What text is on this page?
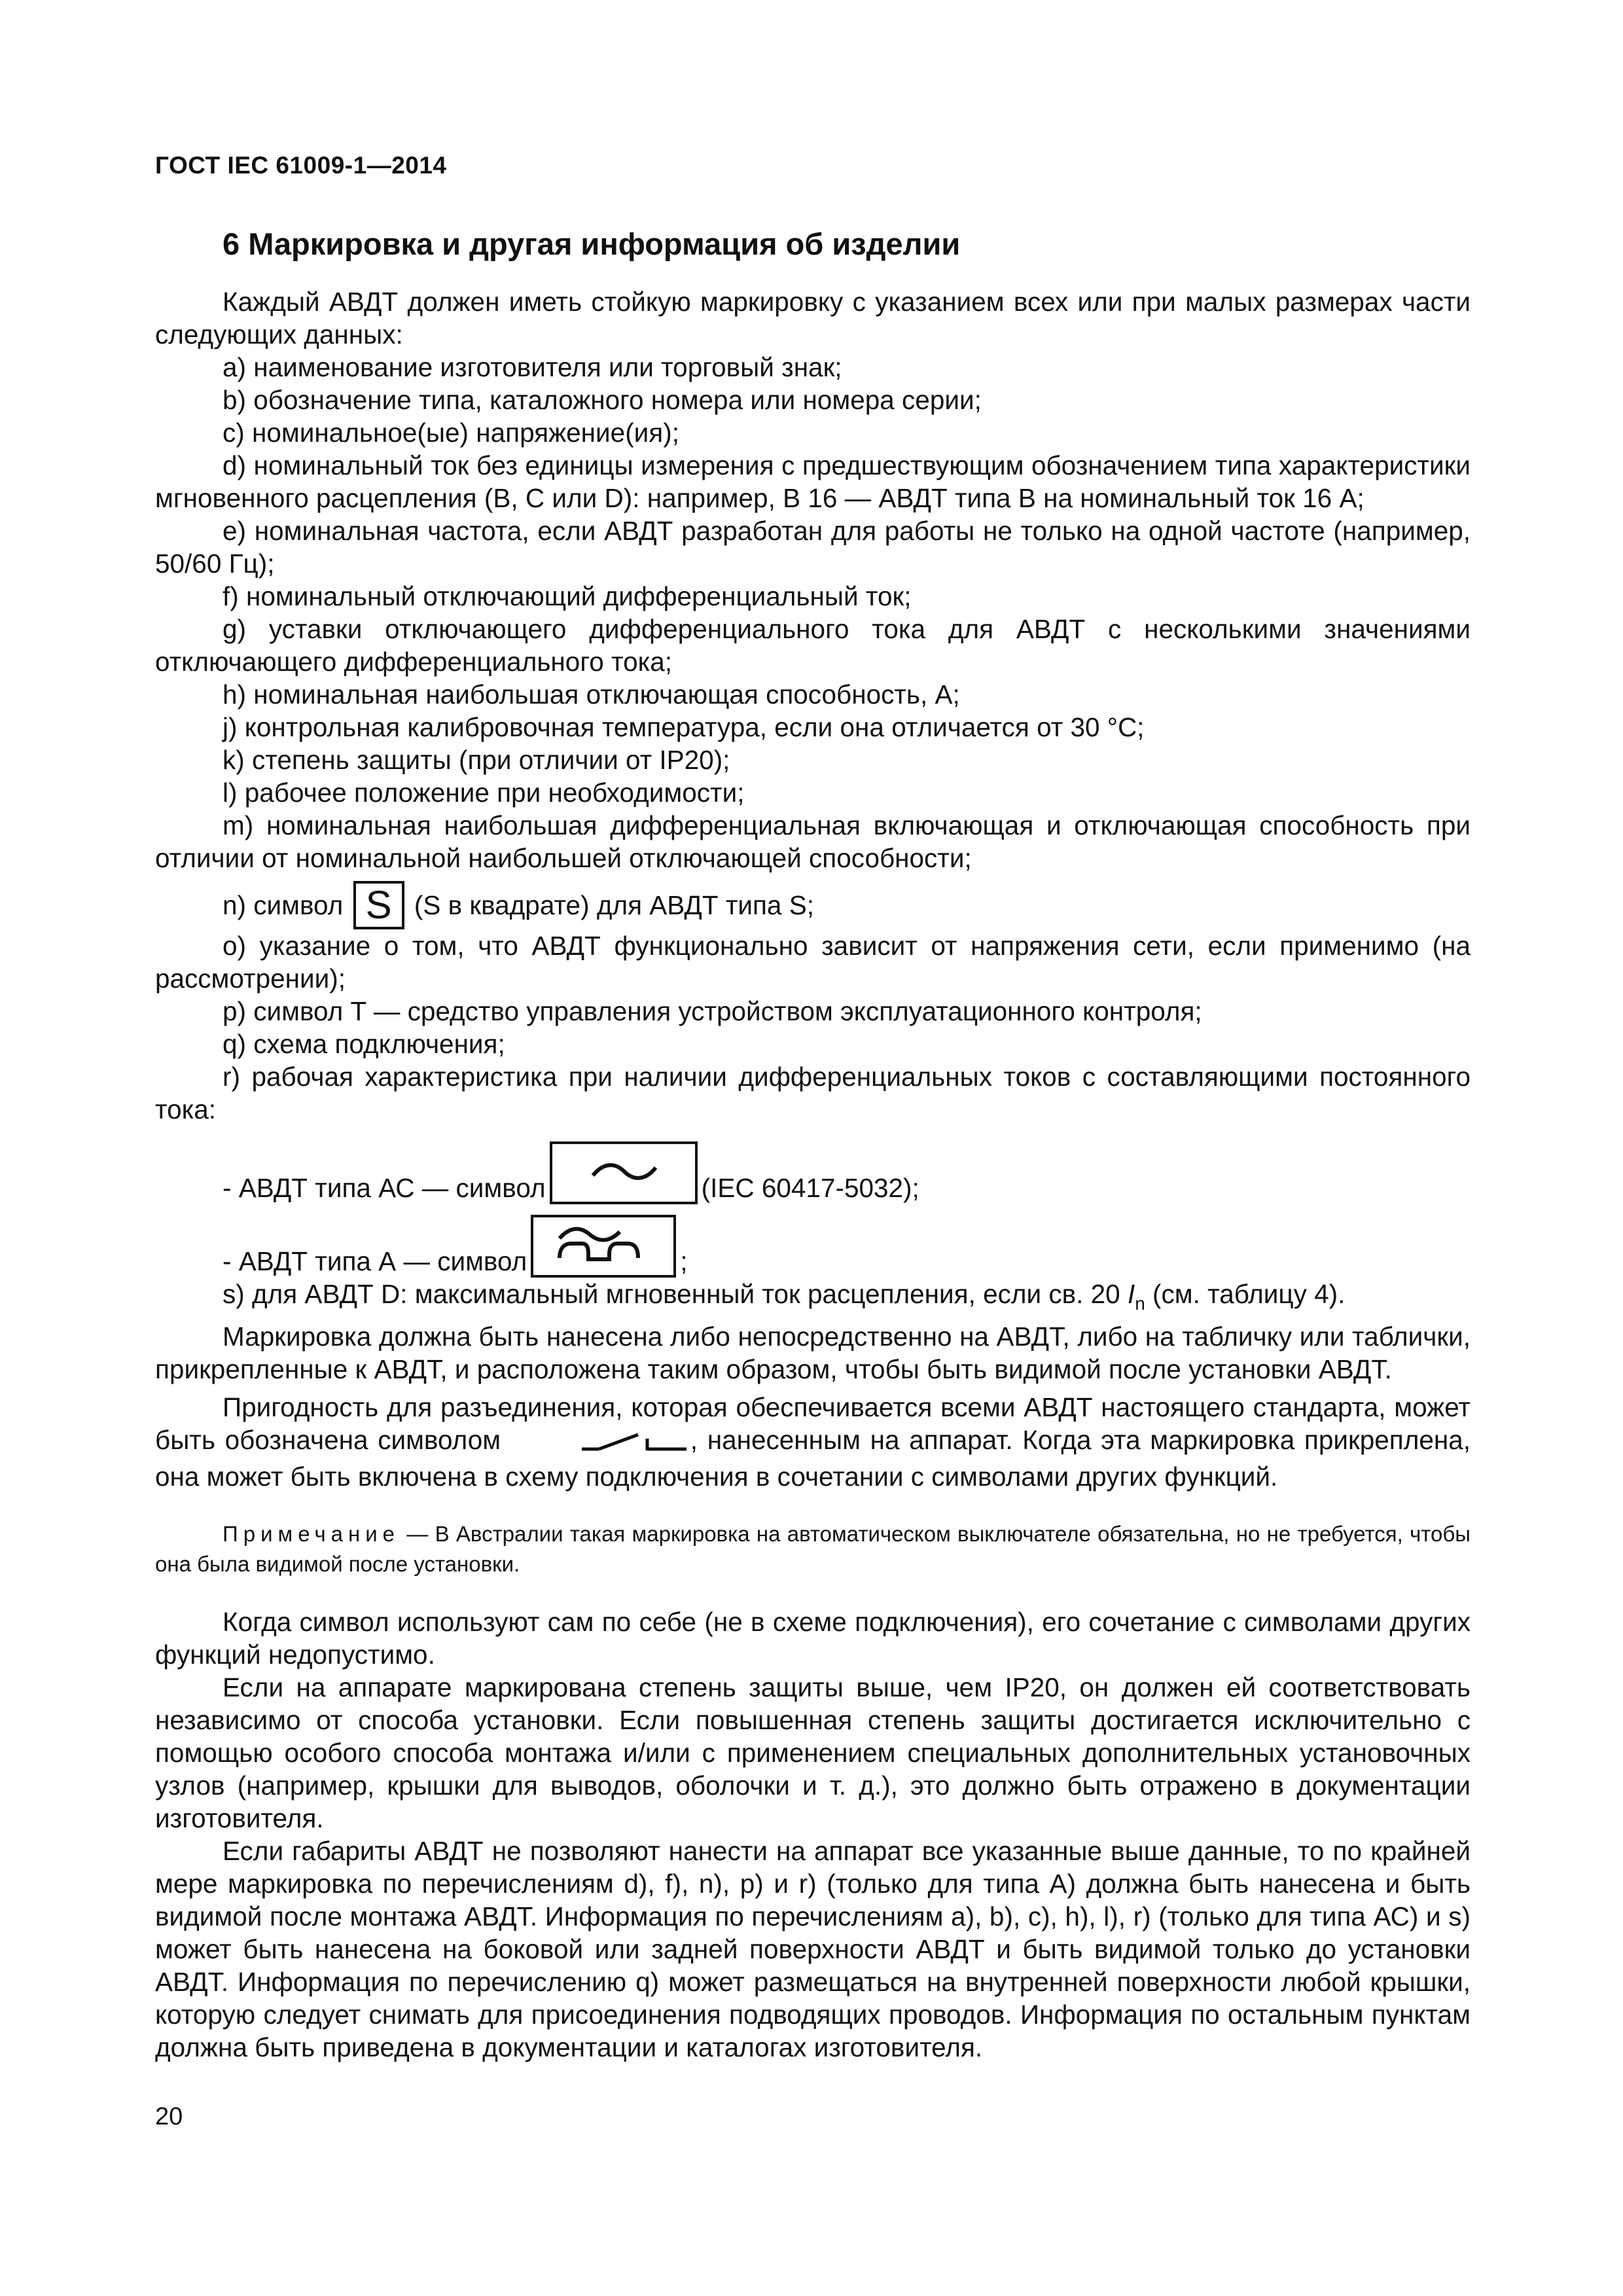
ГОСТ IEC 61009-1—2014
6 Маркировка и другая информация об изделии

Каждый АВДТ должен иметь стойкую маркировку с указанием всех или при малых размерах части следующих данных:

a) наименование изготовителя или торговый знак;

b) обозначение типа, каталожного номера или номера серии;

c) номинальное(ые) напряжение(ия);

d) номинальный ток без единицы измерения с предшествующим обозначением типа характеристики мгновенного расцепления (B, C или D): например, B 16 — АВДТ типа B на номинальный ток 16 А;

e) номинальная частота, если АВДТ разработан для работы не только на одной частоте (например, 50/60 Гц);

f) номинальный отключающий дифференциальный ток;

g) уставки отключающего дифференциального тока для АВДТ с несколькими значениями отключающего дифференциального тока;

h) номинальная наибольшая отключающая способность, А;

j) контрольная калибровочная температура, если она отличается от 30 °С;

k) степень защиты (при отличии от IP20);

l) рабочее положение при необходимости;

m) номинальная наибольшая дифференциальная включающая и отключающая способность при отличии от номинальной наибольшей отключающей способности;

n) символ S (S в квадрате) для АВДТ типа S;

o) указание о том, что АВДТ функционально зависит от напряжения сети, если применимо (на рассмотрении);

p) символ T — средство управления устройством эксплуатационного контроля;

q) схема подключения;

r) рабочая характеристика при наличии дифференциальных токов с составляющими постоянного тока:

- АВДТ типа АС — символ	(IEC 60417-5032);
- АВДТ типа А — символ	;

s) для АВДТ D: максимальный мгновенный ток расцепления, если св. 20 $I_n$ (см. таблицу 4).

Маркировка должна быть нанесена либо непосредственно на АВДТ, либо на табличку или таблички, прикрепленные к АВДТ, и расположена таким образом, чтобы быть видимой после установки АВДТ.

Пригодность для разъединения, которая обеспечивается всеми АВДТ настоящего стандарта, может быть обозначена символом	, нанесенным на аппарат. Когда эта маркировка прикреплена, она может быть включена в схему подключения в сочетании с символами других функций.

Примечание — В Австралии такая маркировка на автоматическом выключателе обязательна, но не требуется, чтобы она была видимой после установки.

Когда символ используют сам по себе (не в схеме подключения), его сочетание с символами других функций недопустимо.

Если на аппарате маркирована степень защиты выше, чем IP20, он должен ей соответствовать независимо от способа установки. Если повышенная степень защиты достигается исключительно с помощью особого способа монтажа и/или с применением специальных дополнительных установочных узлов (например, крышки для выводов, оболочки и т. д.), это должно быть отражено в документации изготовителя.

Если габариты АВДТ не позволяют нанести на аппарат все указанные выше данные, то по крайней мере маркировка по перечислениям d), f), n), p) и r) (только для типа А) должна быть нанесена и быть видимой после монтажа АВДТ. Информация по перечислениям a), b), c), h), l), r) (только для типа АС) и s) может быть нанесена на боковой или задней поверхности АВДТ и быть видимой только до установки АВДТ. Информация по перечислению q) может размещаться на внутренней поверхности любой крышки, которую следует снимать для присоединения подводящих проводов. Информация по остальным пунктам должна быть приведена в документации и каталогах изготовителя.

20
